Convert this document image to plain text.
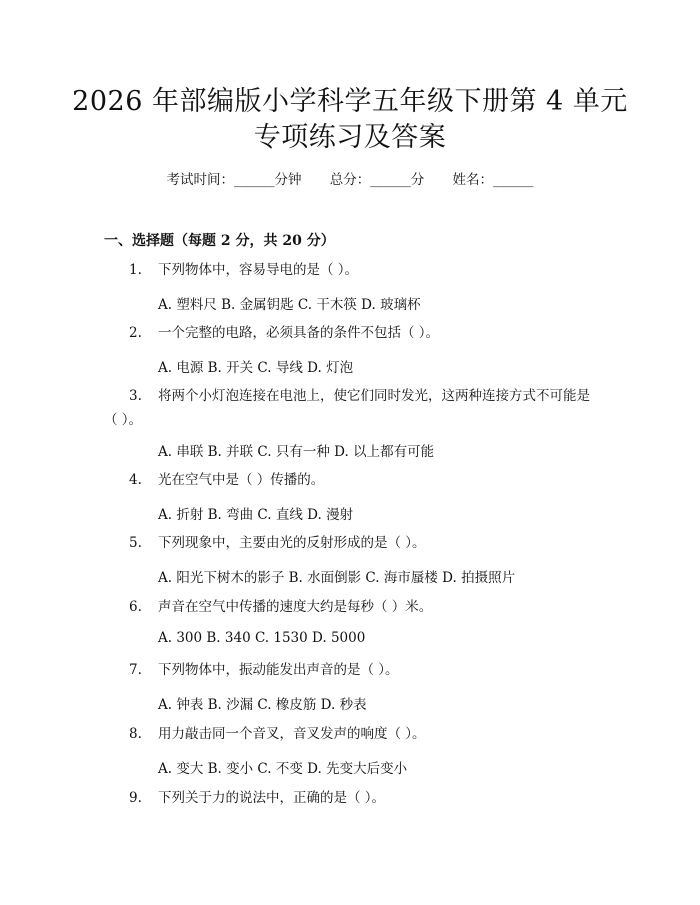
2026 年部编版小学科学五年级下册第 4 单元
专项练习及答案
考试时间：______分钟 总分：______分 姓名：______
一、选择题（每题 2 分，共 20 分）
1. 下列物体中，容易导电的是（ ）。
A. 塑料尺 B. 金属钥匙 C. 干木筷 D. 玻璃杯
2. 一个完整的电路，必须具备的条件不包括（ ）。
A. 电源 B. 开关 C. 导线 D. 灯泡
3. 将两个小灯泡连接在电池上，使它们同时发光，这两种连接方式不可能是
（ ）。
A. 串联 B. 并联 C. 只有一种 D. 以上都有可能
4. 光在空气中是（ ）传播的。
A. 折射 B. 弯曲 C. 直线 D. 漫射
5. 下列现象中，主要由光的反射形成的是（ ）。
A. 阳光下树木的影子 B. 水面倒影 C. 海市蜃楼 D. 拍摄照片
6. 声音在空气中传播的速度大约是每秒（ ）米。
A. 300 B. 340 C. 1530 D. 5000
7. 下列物体中，振动能发出声音的是（ ）。
A. 钟表 B. 沙漏 C. 橡皮筋 D. 秒表
8. 用力敲击同一个音叉，音叉发声的响度（ ）。
A. 变大 B. 变小 C. 不变 D. 先变大后变小
9. 下列关于力的说法中，正确的是（ ）。
